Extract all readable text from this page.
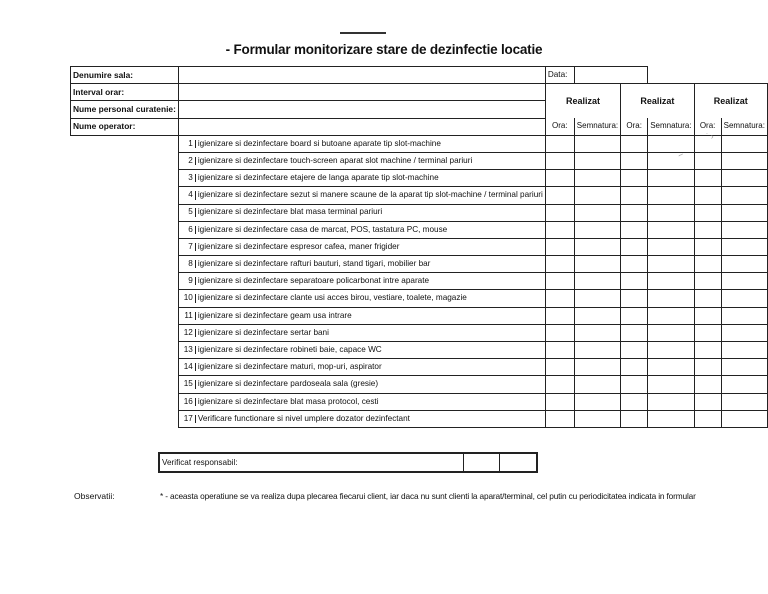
- Formular monitorizare stare de dezinfectie locatie
Denumire sala:		Data:					
Interval orar:		Realizat		Realizat		Realizat	
Nume personal curatenie:							
Nume operator:		Ora:	Semnatura:	Ora:	Semnatura:	Ora:	Semnatura:
	1 igienizare si dezinfectare board si butoane aparate tip slot-machine						
	2 igienizare si dezinfectare touch-screen aparat slot machine / terminal pariuri						
	3 igienizare si dezinfectare etajere de langa aparate tip slot-machine						
	4 igienizare si dezinfectare sezut si manere scaune de la aparat tip slot-machine / terminal pariuri						
	5 igienizare si dezinfectare blat masa terminal pariuri						
	6 igienizare si dezinfectare casa de marcat, POS, tastatura PC, mouse						
	7 igienizare si dezinfectare espresor cafea, maner frigider						
	8 igienizare si dezinfectare rafturi bauturi, stand tigari, mobilier bar						
	9 igienizare si dezinfectare separatoare policarbonat intre aparate						
	10 igienizare si dezinfectare clante usi acces birou, vestiare, toalete, magazie						
	11 igienizare si dezinfectare geam usa intrare						
	12 igienizare si dezinfectare sertar bani						
	13 igienizare si dezinfectare robineti baie, capace WC						
	14 igienizare si dezinfectare maturi, mop-uri, aspirator						
	15 igienizare si dezinfectare pardoseala sala (gresie)						
	16 igienizare si dezinfectare blat masa protocol, cesti						
	17 Verificare functionare si nivel umplere dozator dezinfectant						
Verificat responsabil:		
Observatii:	* - aceasta operatiune se va realiza dupa plecarea fiecarui client, iar daca nu sunt clienti la aparat/terminal, cel putin cu periodicitatea indicata in formular
˙ ›
~
